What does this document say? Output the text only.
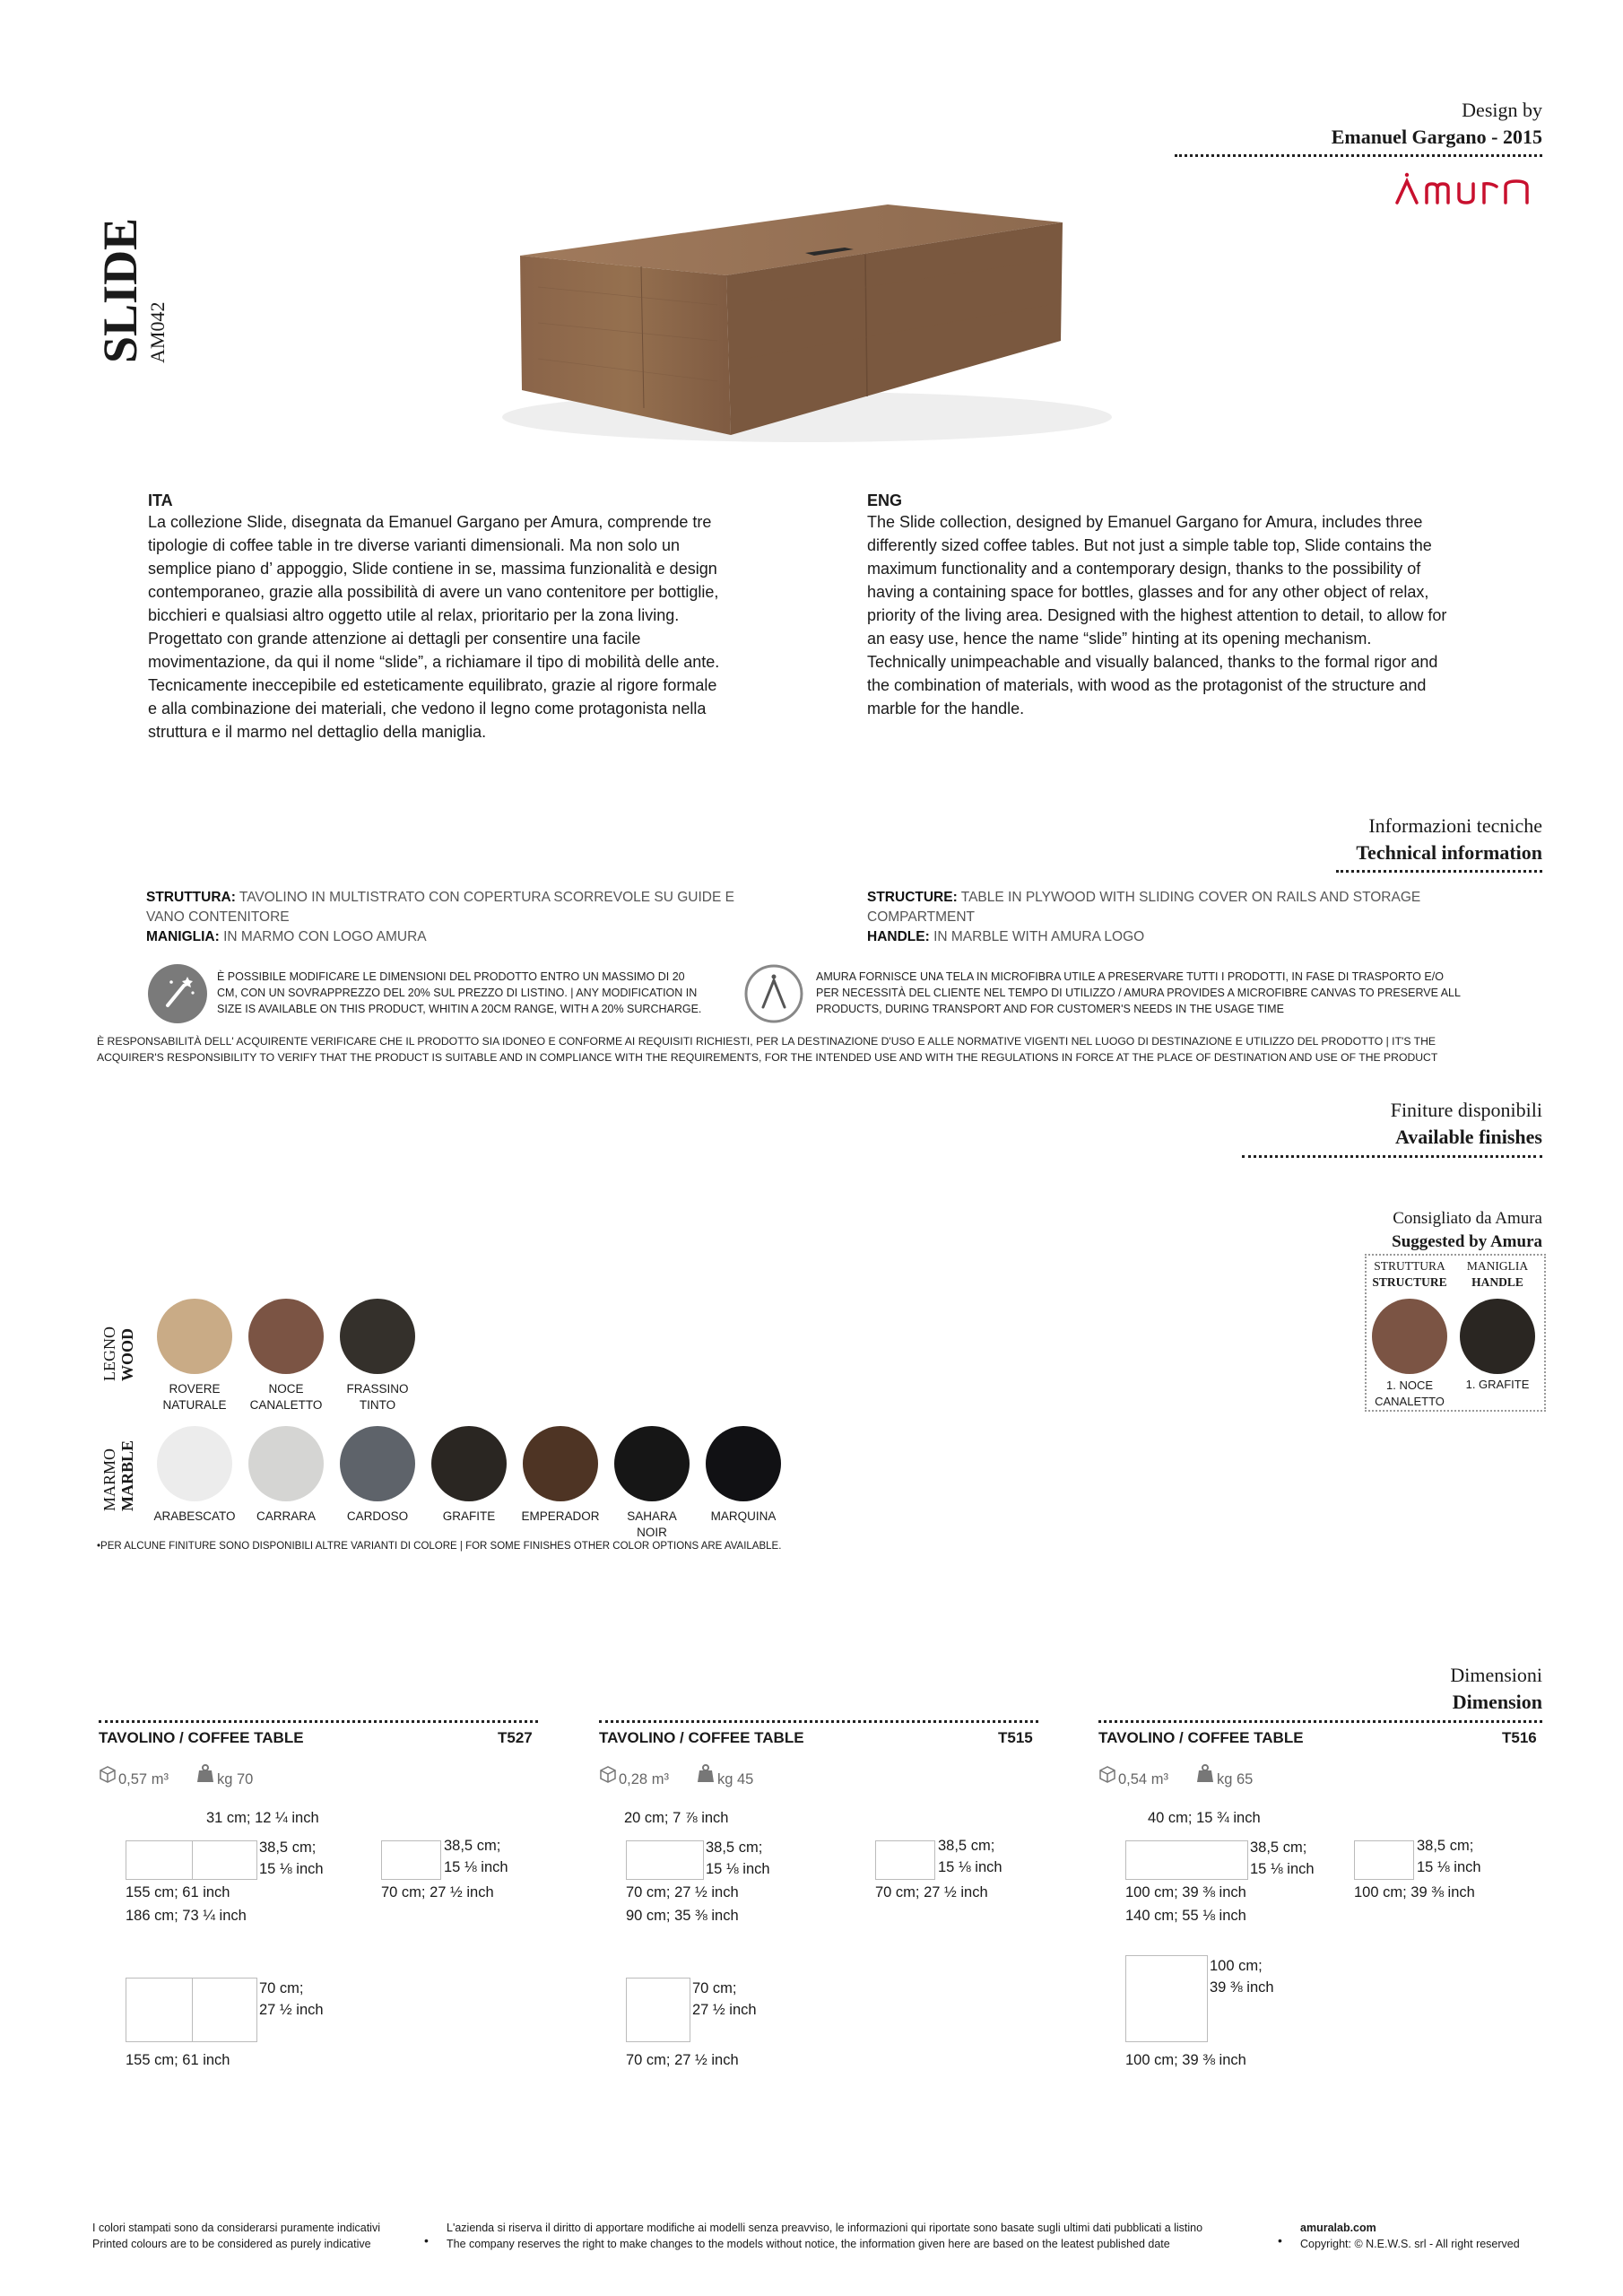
Design by
Emanuel Gargano - 2015
SLIDE AM042
ITA
La collezione Slide, disegnata da Emanuel Gargano per Amura, comprende tre
tipologie di coffee table in tre diverse varianti dimensionali. Ma non solo un
semplice piano d’ appoggio, Slide contiene in se, massima funzionalità e design
contemporaneo, grazie alla possibilità di avere un vano contenitore per bottiglie,
bicchieri e qualsiasi altro oggetto utile al relax, prioritario per la zona living.
Progettato con grande attenzione ai dettagli per consentire una facile
movimentazione, da qui il nome “slide”, a richiamare il tipo di mobilità delle ante.
Tecnicamente ineccepibile ed esteticamente equilibrato, grazie al rigore formale
e alla combinazione dei materiali, che vedono il legno come protagonista nella
struttura e il marmo nel dettaglio della maniglia.
ENG
The Slide collection, designed by Emanuel Gargano for Amura, includes three
differently sized coffee tables. But not just a simple table top, Slide contains the
maximum functionality and a contemporary design, thanks to the possibility of
having a containing space for bottles, glasses and for any other object of relax,
priority of the living area. Designed with the highest attention to detail, to allow for
an easy use, hence the name “slide” hinting at its opening mechanism.
Technically unimpeachable and visually balanced, thanks to the formal rigor and
the combination of materials, with wood as the protagonist of the structure and
marble for the handle.
Informazioni tecniche
Technical information
STRUTTURA: TAVOLINO IN MULTISTRATO CON COPERTURA SCORREVOLE SU GUIDE E
VANO CONTENITORE
MANIGLIA: IN MARMO CON LOGO AMURA
STRUCTURE: TABLE IN PLYWOOD WITH SLIDING COVER ON RAILS AND STORAGE
COMPARTMENT
HANDLE: IN MARBLE WITH AMURA LOGO
È POSSIBILE MODIFICARE LE DIMENSIONI DEL PRODOTTO ENTRO UN MASSIMO DI 20
CM, CON UN SOVRAPPREZZO DEL 20% SUL PREZZO DI LISTINO. | ANY MODIFICATION IN
SIZE IS AVAILABLE ON THIS PRODUCT, WHITIN A 20CM RANGE, WITH A 20% SURCHARGE.
AMURA FORNISCE UNA TELA IN MICROFIBRA UTILE A PRESERVARE TUTTI I PRODOTTI, IN FASE DI TRASPORTO E/O
PER NECESSITÀ DEL CLIENTE NEL TEMPO DI UTILIZZO / AMURA PROVIDES A MICROFIBRE CANVAS TO PRESERVE ALL
PRODUCTS, DURING TRANSPORT AND FOR CUSTOMER'S NEEDS IN THE USAGE TIME
È RESPONSABILITÀ DELL' ACQUIRENTE VERIFICARE CHE IL PRODOTTO SIA IDONEO E CONFORME AI REQUISITI RICHIESTI, PER LA DESTINAZIONE D'USO E ALLE NORMATIVE VIGENTI NEL LUOGO DI DESTINAZIONE E UTILIZZO DEL PRODOTTO | IT'S THE
ACQUIRER'S RESPONSIBILITY TO VERIFY THAT THE PRODUCT IS SUITABLE AND IN COMPLIANCE WITH THE REQUIREMENTS, FOR THE INTENDED USE AND WITH THE REGULATIONS IN FORCE AT THE PLACE OF DESTINATION AND USE OF THE PRODUCT
Finiture disponibili
Available finishes
LEGNO WOOD
MARMO MARBLE
ROVERE
NATURALE
NOCE
CANALETTO
FRASSINO
TINTO
ARABESCATO	CARRARA	CARDOSO	GRAFITE	EMPERADOR	SAHARA
NOIR
MARQUINA
•PER ALCUNE FINITURE SONO DISPONIBILI ALTRE VARIANTI DI COLORE | FOR SOME FINISHES OTHER COLOR OPTIONS ARE AVAILABLE.
Consigliato da Amura
Suggested by Amura
STRUTTURA
STRUCTURE
MANIGLIA
HANDLE
1. NOCE
CANALETTO
1. GRAFITE
Dimensioni
Dimension
TAVOLINO / COFFEE TABLE	T527
0,57 m³	kg 70
31 cm; 12 ¼ inch
38,5 cm;
15 ⅛ inch
155 cm; 61 inch
186 cm; 73 ¼ inch
38,5 cm;
15 ⅛ inch
70 cm; 27 ½ inch
70 cm;
27 ½ inch
155 cm; 61 inch
TAVOLINO / COFFEE TABLE	T515
0,28 m³	kg 45
20 cm; 7 ⅞ inch
38,5 cm;
15 ⅛ inch
70 cm; 27 ½ inch
90 cm; 35 ⅜ inch
38,5 cm;
15 ⅛ inch
70 cm; 27 ½ inch
70 cm;
27 ½ inch
70 cm; 27 ½ inch
TAVOLINO / COFFEE TABLE	T516
0,54 m³	kg 65
40 cm; 15 ¾ inch
38,5 cm;
15 ⅛ inch
100 cm; 39 ⅜ inch
140 cm; 55 ⅛ inch
38,5 cm;
15 ⅛ inch
100 cm; 39 ⅜ inch
100 cm;
39 ⅜ inch
100 cm; 39 ⅜ inch
I colori stampati sono da considerarsi puramente indicativi
Printed colours are to be considered as purely indicative	•
L'azienda si riserva il diritto di apportare modifiche ai modelli senza preavviso, le informazioni qui riportate sono basate sugli ultimi dati pubblicati a listino
The company reserves the right to make changes to the models without notice, the information given here are based on the leatest published date	•
amuralab.com
Copyright: © N.E.W.S. srl - All right reserved
